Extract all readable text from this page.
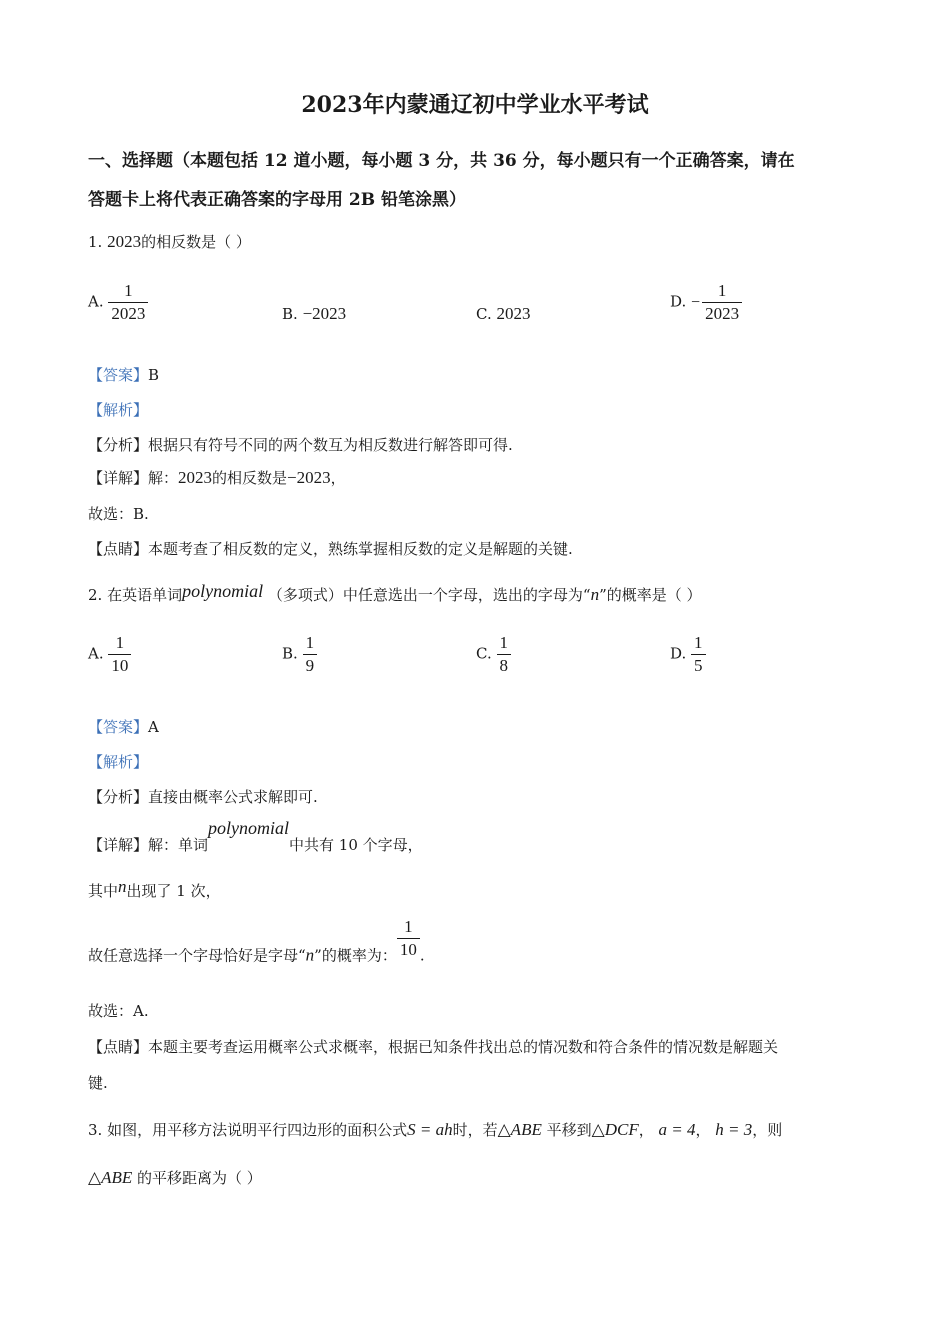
2023年内蒙通辽初中学业水平考试
一、选择题（本题包括 12 道小题，每小题 3 分，共 36 分，每小题只有一个正确答案，请在
答题卡上将代表正确答案的字母用 2B 铅笔涂黑）
1. 2023的相反数是（ ）
A. $\frac{1}{2023}$	B. −2023	C. 2023
D. − $\frac{1}{2023}$
【答案】B
【解析】
【分析】根据只有符号不同的两个数互为相反数进行解答即可得.
【详解】解：2023的相反数是−2023，
故选：B.
【点睛】本题考查了相反数的定义，熟练掌握相反数的定义是解题的关键.
2. 在英语单词polynomial （多项式）中任意选出一个字母，选出的字母为“n”的概率是（ ）
A. $\frac{1}{10}$	B. $\frac{1}{9}$	C. $\frac{1}{8}$	D. $\frac{1}{5}$
【答案】A
【解析】
【分析】直接由概率公式求解即可.
【详解】解：单词polynomial中共有 10 个字母，
其中n出现了 1 次，
故任意选择一个字母恰好是字母“n”的概率为： $\frac{1}{10}$ .
故选：A.
【点睛】本题主要考查运用概率公式求概率，根据已知条件找出总的情况数和符合条件的情况数是解题关
键.
3. 如图，用平移方法说明平行四边形的面积公式S = ah时，若△ABE 平移到△DCF， a = 4， h = 3，则
△ABE 的平移距离为（ ）
